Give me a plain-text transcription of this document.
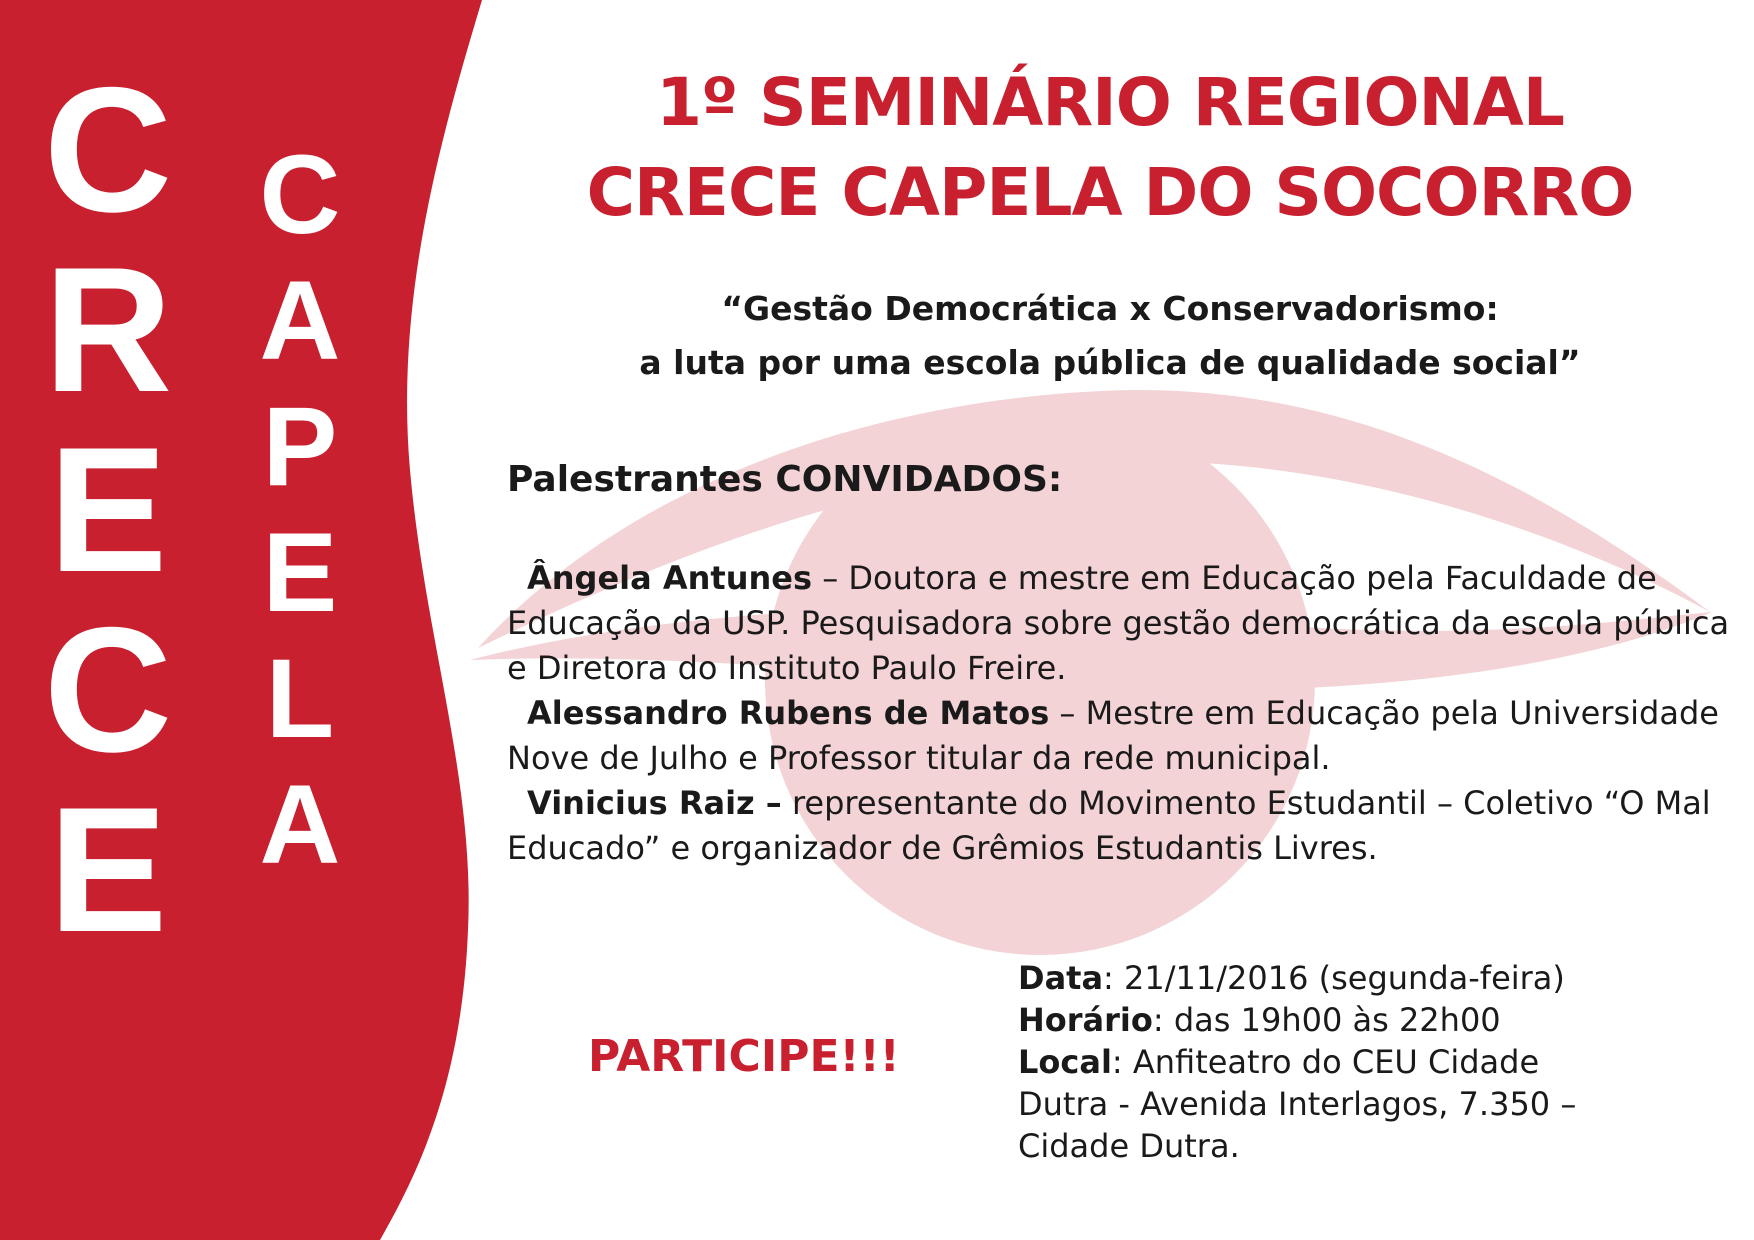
C
R
E
C
E
C
A
P
E
L
A
1º SEMINÁRIO REGIONAL
CRECE CAPELA DO SOCORRO

“Gestão Democrática x Conservadorismo:
a luta por uma escola pública de qualidade social”

Palestrantes CONVIDADOS:
Ângela Antunes – Doutora e mestre em Educação pela Faculdade de Educação da USP. Pesquisadora sobre gestão democrática da escola pública e Diretora do Instituto Paulo Freire.
Alessandro Rubens de Matos – Mestre em Educação pela Universidade Nove de Julho e Professor titular da rede municipal.
Vinicius Raiz – representante do Movimento Estudantil – Coletivo “O Mal Educado” e organizador de Grêmios Estudantis Livres.

PARTICIPE!!!

Data: 21/11/2016 (segunda-feira)
Horário: das 19h00 às 22h00
Local: Anfiteatro do CEU Cidade Dutra - Avenida Interlagos, 7.350 – Cidade Dutra.
